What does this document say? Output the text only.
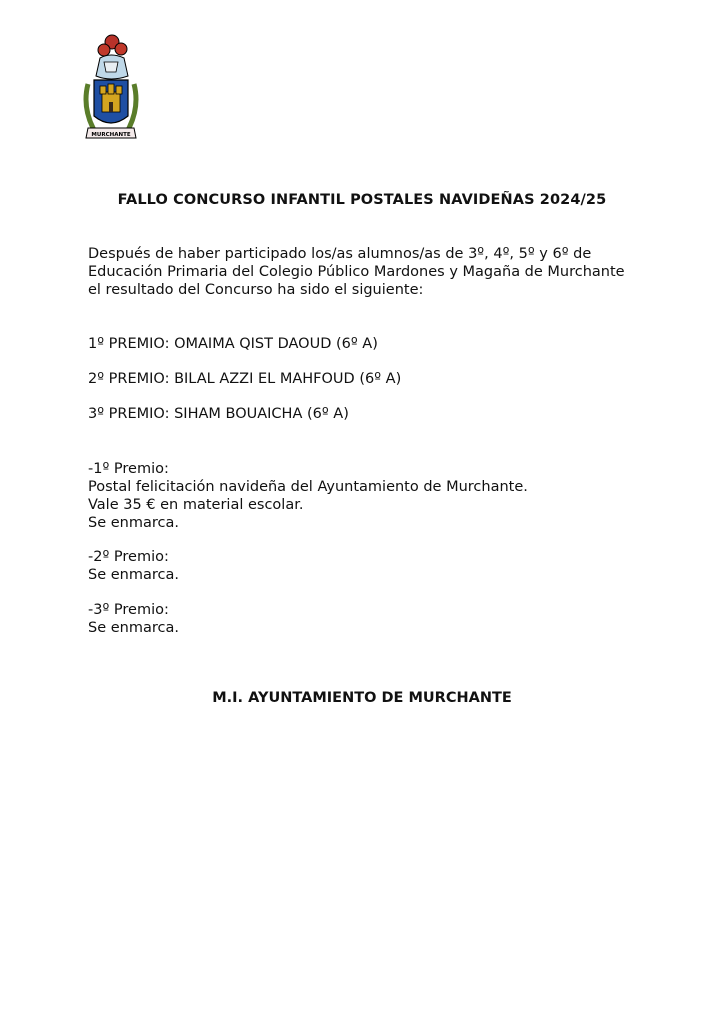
MURCHANTE
FALLO CONCURSO INFANTIL POSTALES NAVIDEÑAS 2024/25
Después de haber participado los/as alumnos/as de 3º, 4º, 5º y 6º de
Educación Primaria del Colegio Público Mardones y Magaña de Murchante
el resultado del Concurso ha sido el siguiente:
1º PREMIO: OMAIMA QIST DAOUD (6º A)
2º PREMIO: BILAL AZZI EL MAHFOUD (6º A)
3º PREMIO: SIHAM BOUAICHA (6º A)
-1º Premio:
Postal felicitación navideña del Ayuntamiento de Murchante.
Vale 35 € en material escolar.
Se enmarca.
-2º Premio:
Se enmarca.
-3º Premio:
Se enmarca.
M.I. AYUNTAMIENTO DE MURCHANTE
